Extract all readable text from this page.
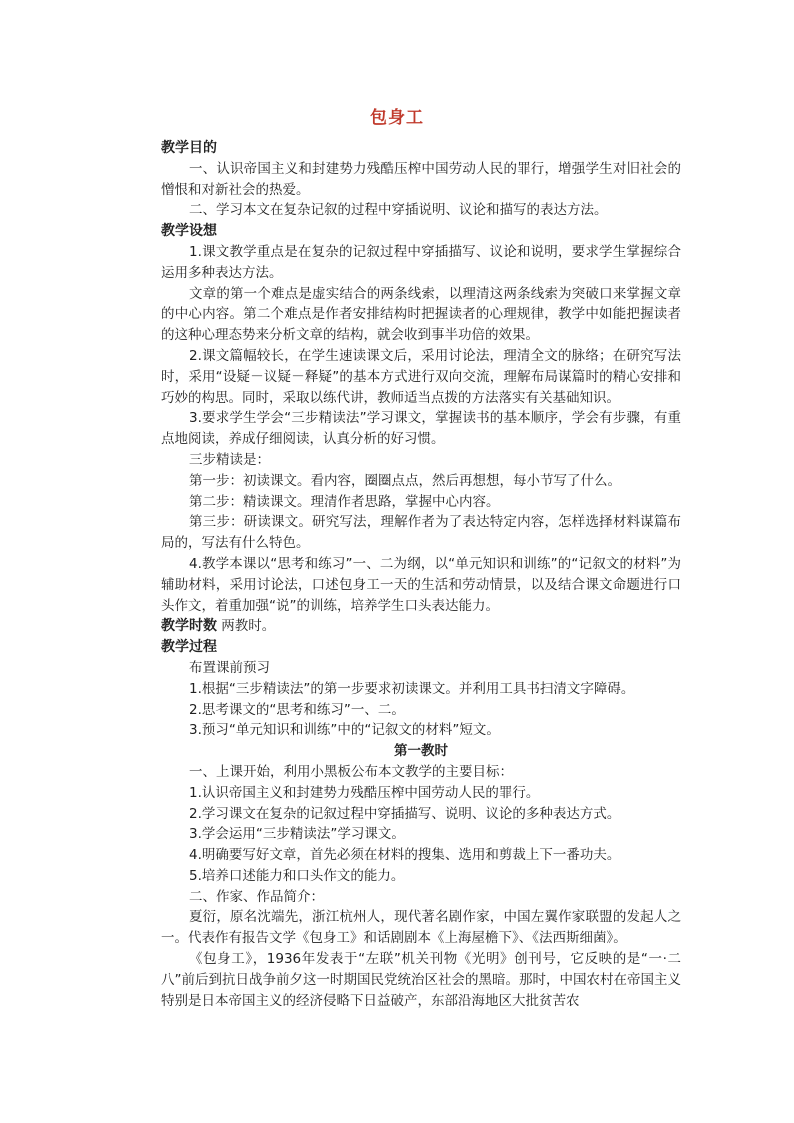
包身工

教学目的

一、认识帝国主义和封建势力残酷压榨中国劳动人民的罪行，增强学生对旧社会的憎恨和对新社会的热爱。

二、学习本文在复杂记叙的过程中穿插说明、议论和描写的表达方法。

教学设想

1.课文教学重点是在复杂的记叙过程中穿插描写、议论和说明，要求学生掌握综合运用多种表达方法。

文章的第一个难点是虚实结合的两条线索，以理清这两条线索为突破口来掌握文章的中心内容。第二个难点是作者安排结构时把握读者的心理规律，教学中如能把握读者的这种心理态势来分析文章的结构，就会收到事半功倍的效果。

2.课文篇幅较长，在学生速读课文后，采用讨论法，理清全文的脉络；在研究写法时，采用“设疑－议疑－释疑”的基本方式进行双向交流，理解布局谋篇时的精心安排和巧妙的构思。同时，采取以练代讲，教师适当点拨的方法落实有关基础知识。

3.要求学生学会“三步精读法”学习课文，掌握读书的基本顺序，学会有步骤，有重点地阅读，养成仔细阅读，认真分析的好习惯。

三步精读是：

第一步：初读课文。看内容，圈圈点点，然后再想想，每小节写了什么。

第二步：精读课文。理清作者思路，掌握中心内容。

第三步：研读课文。研究写法，理解作者为了表达特定内容，怎样选择材料谋篇布局的，写法有什么特色。

4.教学本课以“思考和练习”一、二为纲，以“单元知识和训练”的“记叙文的材料”为辅助材料，采用讨论法，口述包身工一天的生活和劳动情景，以及结合课文命题进行口头作文，着重加强“说”的训练，培养学生口头表达能力。

教学时数 两教时。

教学过程

布置课前预习

1.根据“三步精读法”的第一步要求初读课文。并利用工具书扫清文字障碍。

2.思考课文的“思考和练习”一、二。

3.预习“单元知识和训练”中的“记叙文的材料”短文。

第一教时

一、上课开始，利用小黑板公布本文教学的主要目标：

1.认识帝国主义和封建势力残酷压榨中国劳动人民的罪行。

2.学习课文在复杂的记叙过程中穿插描写、说明、议论的多种表达方式。

3.学会运用“三步精读法”学习课文。

4.明确要写好文章，首先必须在材料的搜集、选用和剪裁上下一番功夫。

5.培养口述能力和口头作文的能力。

二、作家、作品简介：

夏衍，原名沈端先，浙江杭州人，现代著名剧作家，中国左翼作家联盟的发起人之一。代表作有报告文学《包身工》和话剧剧本《上海屋檐下》、《法西斯细菌》。

《包身工》，1936年发表于“左联”机关刊物《光明》创刊号，它反映的是“一·二八”前后到抗日战争前夕这一时期国民党统治区社会的黑暗。那时，中国农村在帝国主义特别是日本帝国主义的经济侵略下日益破产，东部沿海地区大批贫苦农
